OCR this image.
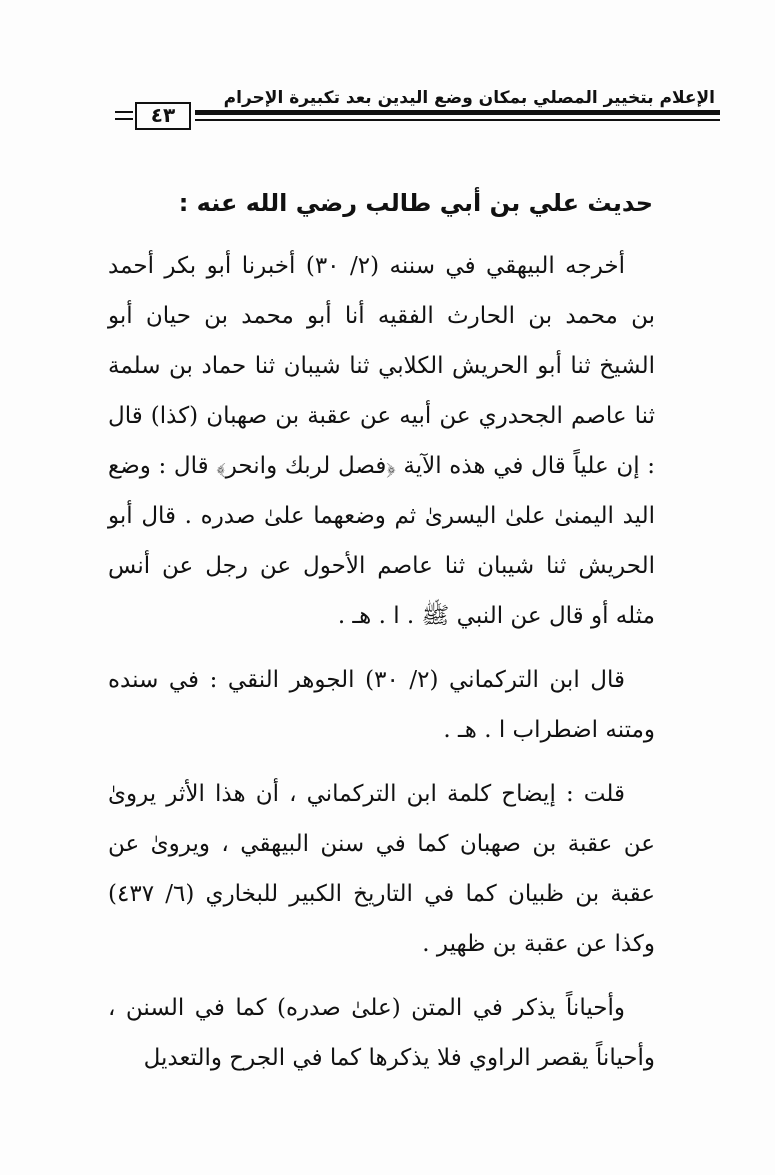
٤٣
الإعلام بتخيير المصلي بمكان وضع اليدين بعد تكبيرة الإحرام
حديث علي بن أبي طالب رضي الله عنه :

أخرجه البيهقي في سننه (٢/ ٣٠) أخبرنا أبو بكر أحمد بن محمد بن الحارث الفقيه أنا أبو محمد بن حيان أبو الشيخ ثنا أبو الحريش الكلابي ثنا شيبان ثنا حماد بن سلمة ثنا عاصم الجحدري عن أبيه عن عقبة بن صهبان (كذا) قال : إن علياً قال في هذه الآية ﴿فصل لربك وانحر﴾ قال : وضع اليد اليمنىٰ علىٰ اليسرىٰ ثم وضعهما علىٰ صدره . قال أبو الحريش ثنا شيبان ثنا عاصم الأحول عن رجل عن أنس مثله أو قال عن النبي ﷺ . ا . هـ .

قال ابن التركماني (٢/ ٣٠) الجوهر النقي : في سنده ومتنه اضطراب ا . هـ .

قلت : إيضاح كلمة ابن التركماني ، أن هذا الأثر يروىٰ عن عقبة بن صهبان كما في سنن البيهقي ، ويروىٰ عن عقبة بن ظبيان كما في التاريخ الكبير للبخاري (٦/ ٤٣٧) وكذا عن عقبة بن ظهير .

وأحياناً يذكر في المتن (علىٰ صدره) كما في السنن ، وأحياناً يقصر الراوي فلا يذكرها كما في الجرح والتعديل
